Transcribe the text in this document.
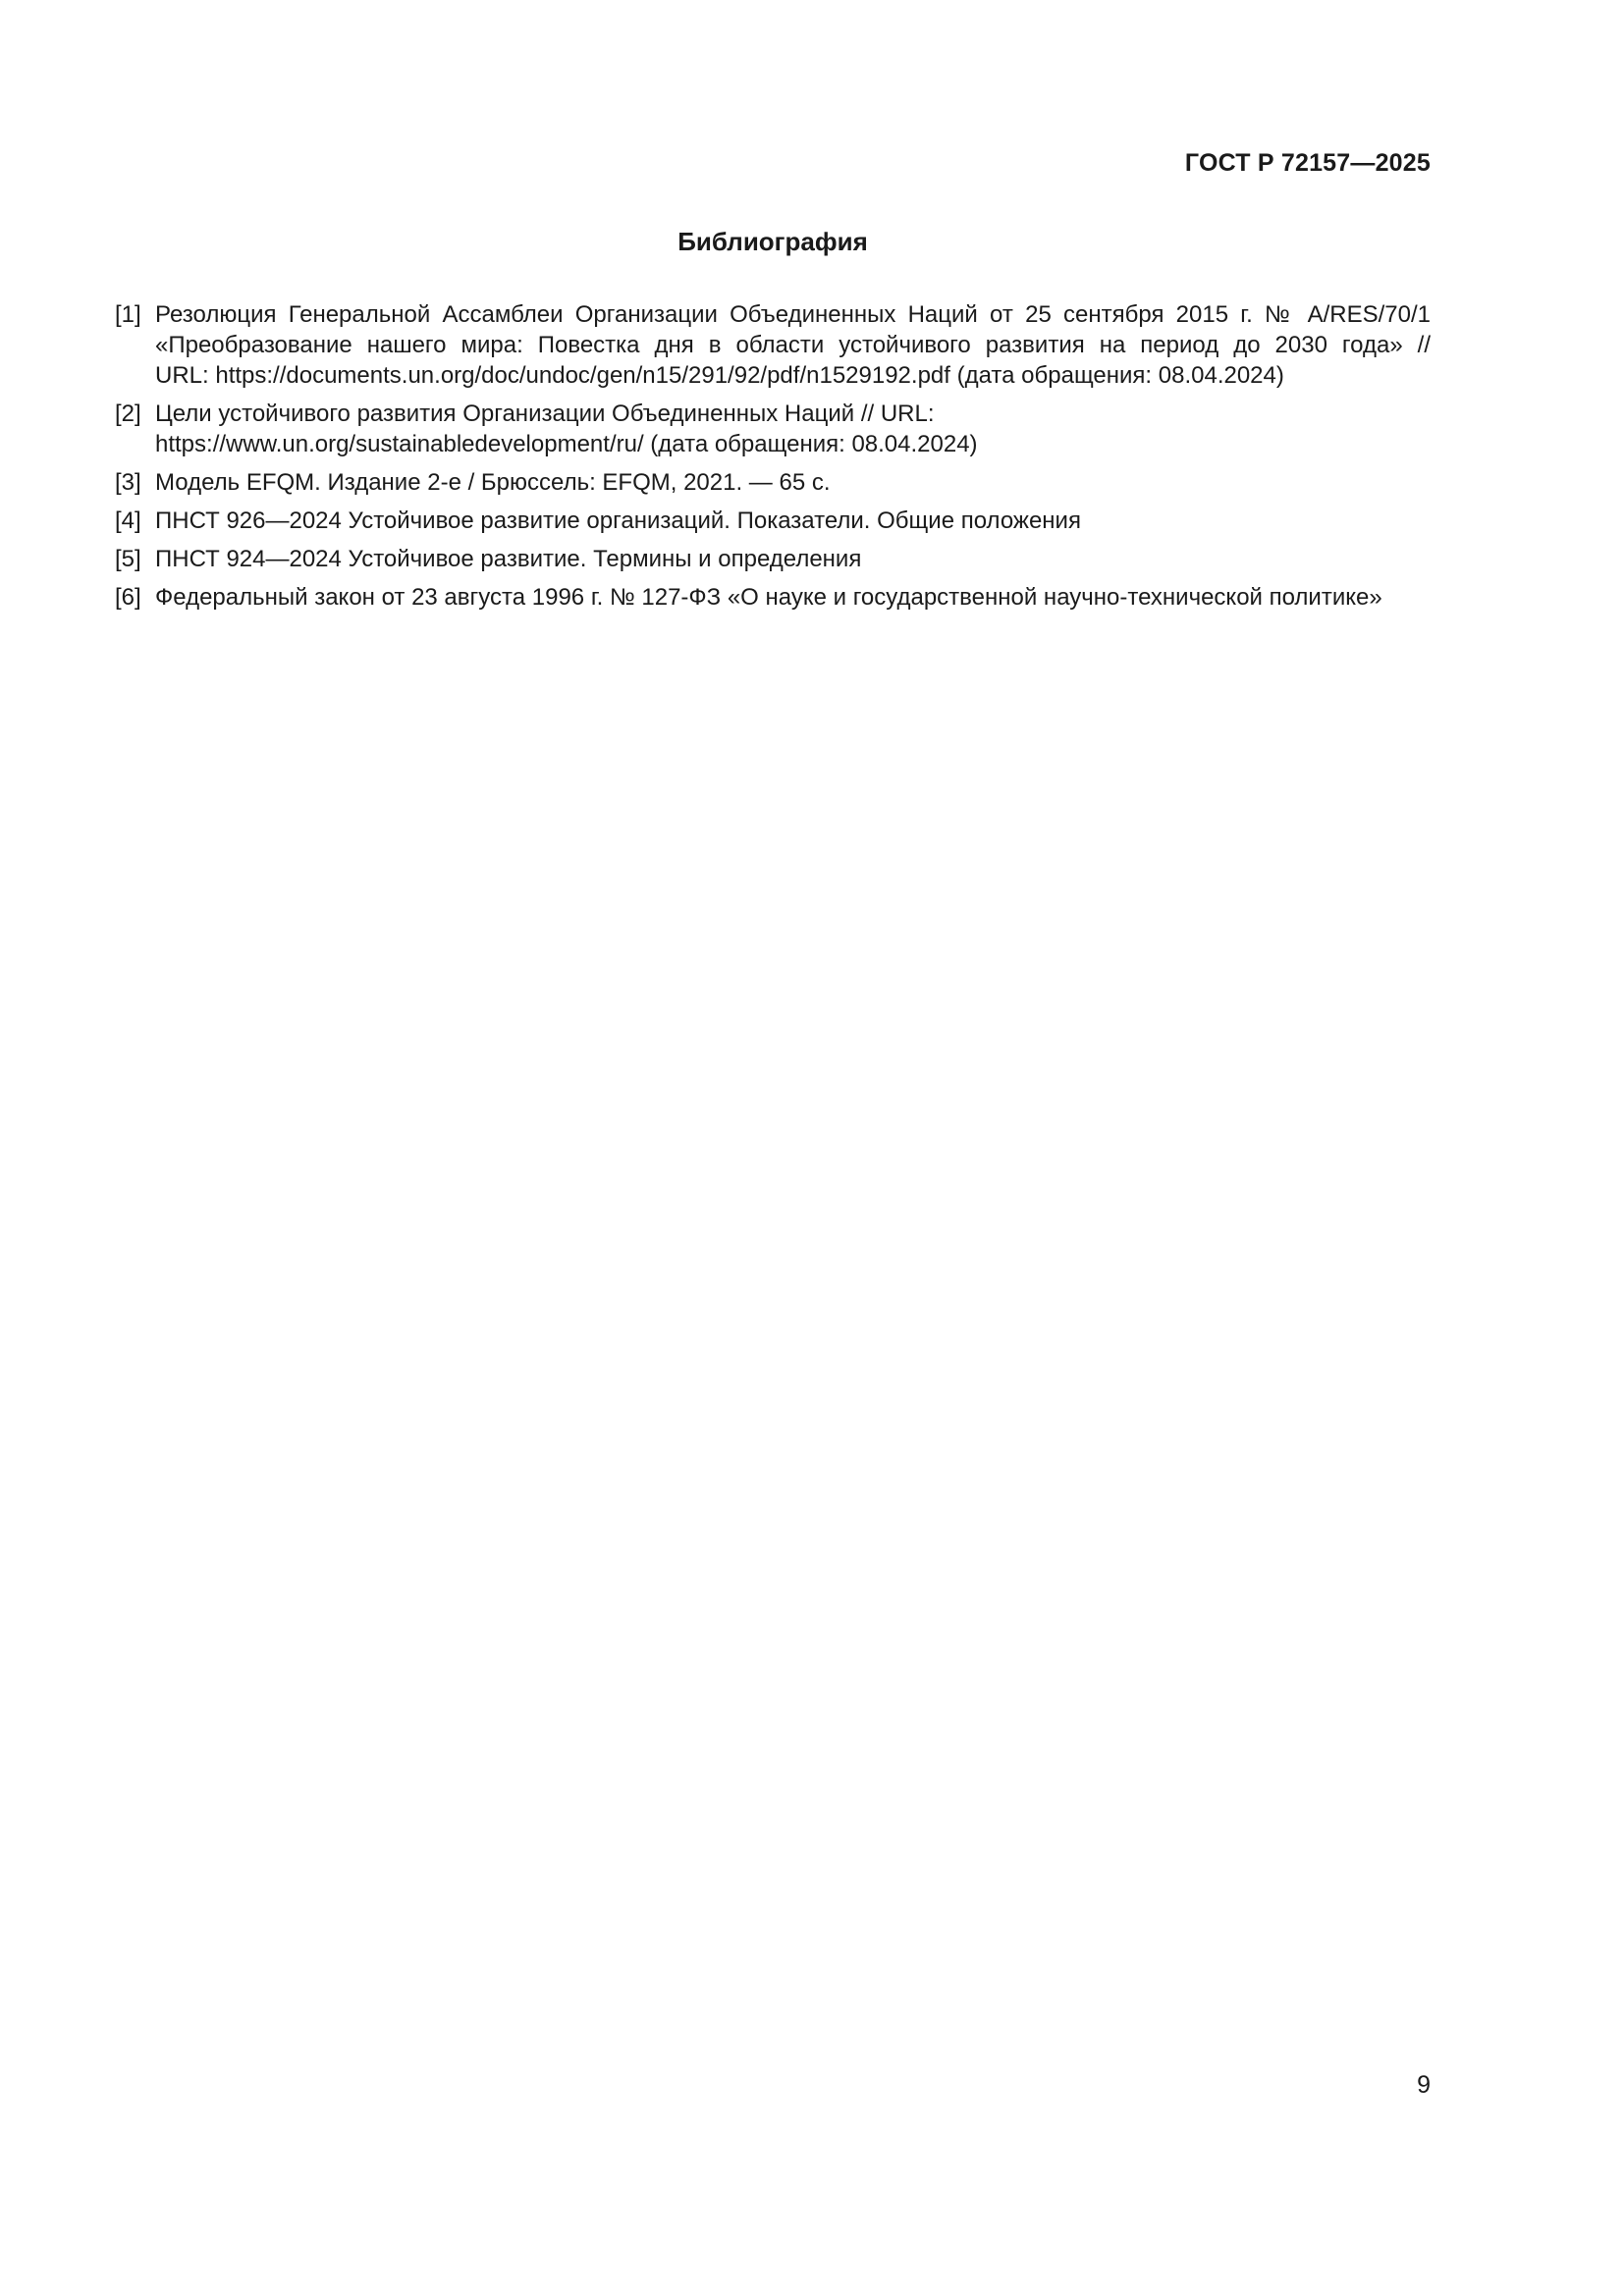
ГОСТ Р 72157—2025
Библиография
[1] Резолюция Генеральной Ассамблеи Организации Объединенных Наций от 25 сентября 2015 г. № A/RES/70/1
«Преобразование нашего мира: Повестка дня в области устойчивого развития на период до 2030 года» //
URL: https://documents.un.org/doc/undoc/gen/n15/291/92/pdf/n1529192.pdf (дата обращения: 08.04.2024)
[2] Цели устойчивого развития Организации Объединенных Наций // URL:
https://www.un.org/sustainabledevelopment/ru/ (дата обращения: 08.04.2024)
[3] Модель EFQM. Издание 2-е / Брюссель: EFQM, 2021. — 65 с.
[4] ПНСТ 926—2024 Устойчивое развитие организаций. Показатели. Общие положения
[5] ПНСТ 924—2024 Устойчивое развитие. Термины и определения
[6] Федеральный закон от 23 августа 1996 г. № 127-ФЗ «О науке и государственной научно-технической политике»
9
